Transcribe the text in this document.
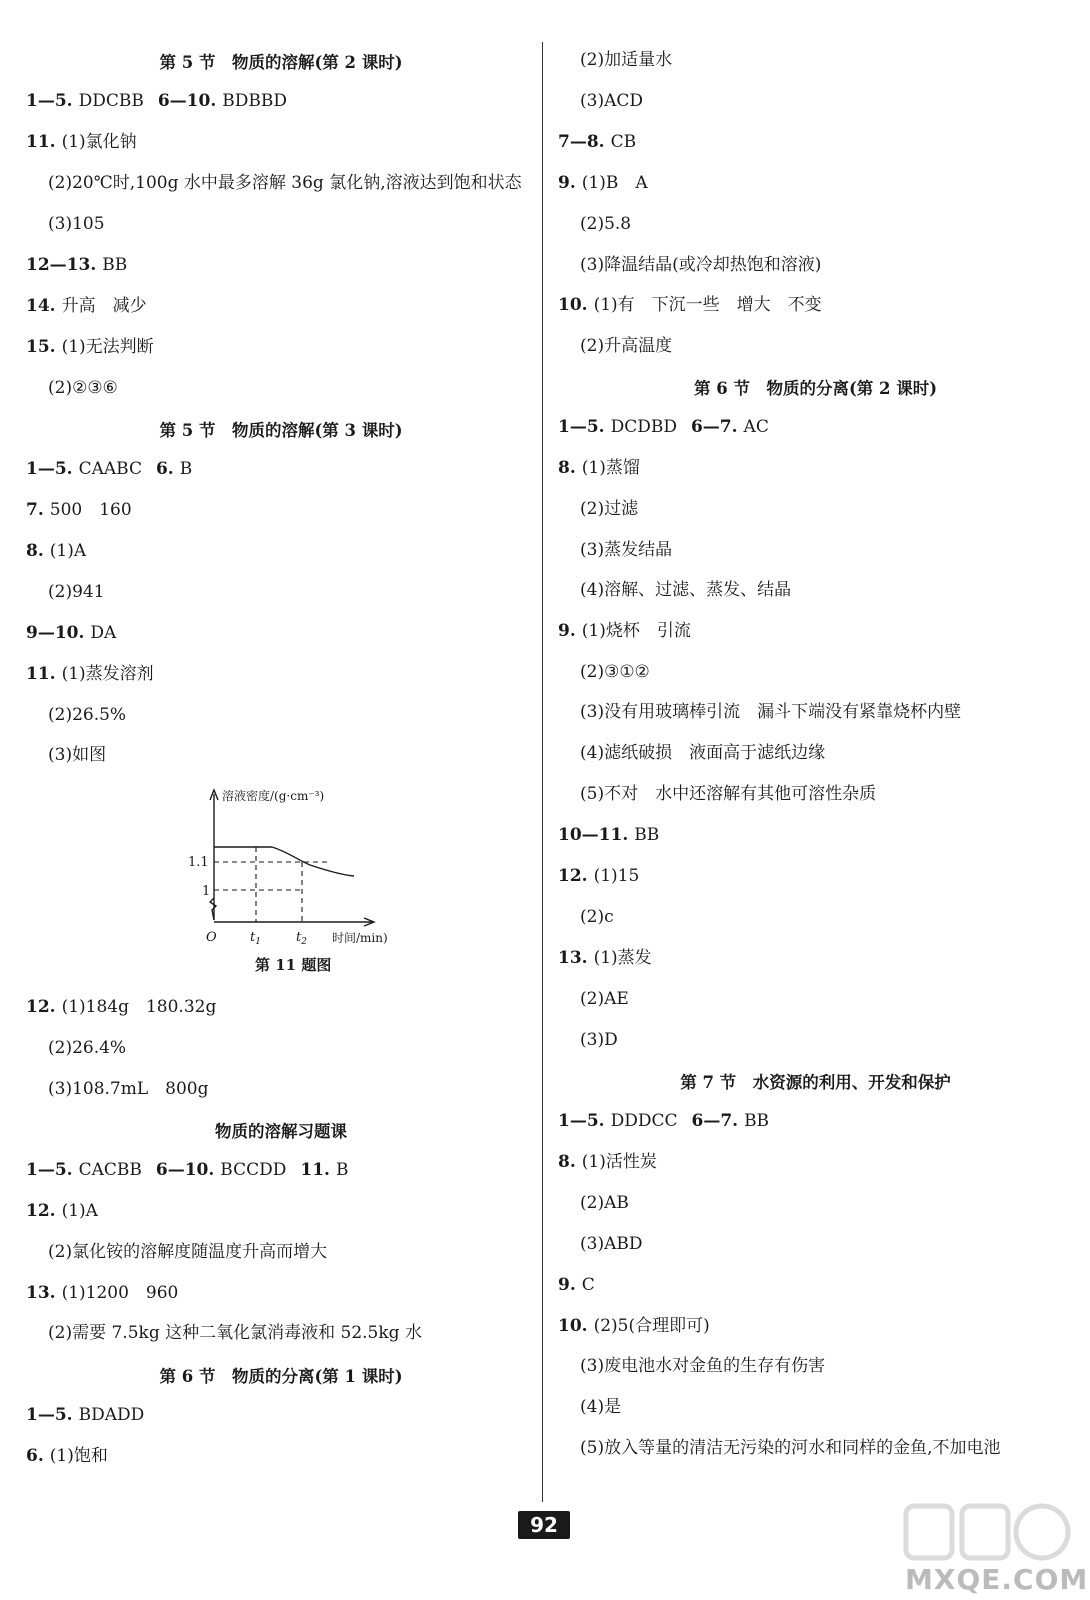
第 5 节　物质的溶解(第 2 课时)
1—5. DDCBB 6—10. BDBBD
11. (1)氯化钠
(2)20℃时,100g 水中最多溶解 36g 氯化钠,溶液达到饱和状态
(3)105
12—13. BB
14. 升高　减少
15. (1)无法判断
(2)②③⑥
第 5 节　物质的溶解(第 3 课时)
1—5. CAABC 6. B
7. 500　160
8. (1)A
(2)941
9—10. DA
11. (1)蒸发溶剂
(2)26.5%
(3)如图
12. (1)184g　180.32g
(2)26.4%
(3)108.7mL　800g
物质的溶解习题课
1—5. CACBB 6—10. BCCDD 11. B
12. (1)A
(2)氯化铵的溶解度随温度升高而增大
13. (1)1200　960
(2)需要 7.5kg 这种二氧化氯消毒液和 52.5kg 水
第 6 节　物质的分离(第 1 课时)
1—5. BDADD
6. (1)饱和
(2)加适量水
(3)ACD
7—8. CB
9. (1)B　A
(2)5.8
(3)降温结晶(或冷却热饱和溶液)
10. (1)有　下沉一些　增大　不变
(2)升高温度
第 6 节　物质的分离(第 2 课时)
1—5. DCDBD 6—7. AC
8. (1)蒸馏
(2)过滤
(3)蒸发结晶
(4)溶解、过滤、蒸发、结晶
9. (1)烧杯　引流
(2)③①②
(3)没有用玻璃棒引流　漏斗下端没有紧靠烧杯内壁
(4)滤纸破损　液面高于滤纸边缘
(5)不对　水中还溶解有其他可溶性杂质
10—11. BB
12. (1)15
(2)c
13. (1)蒸发
(2)AE
(3)D
第 7 节　水资源的利用、开发和保护
1—5. DDDCC 6—7. BB
8. (1)活性炭
(2)AB
(3)ABD
9. C
10. (2)5(合理即可)
(3)废电池水对金鱼的生存有伤害
(4)是
(5)放入等量的清洁无污染的河水和同样的金鱼,不加电池
溶液密度/(g·cm⁻³)
1.1
1
O	$t_1$	$t_2$ 时间/min)
第 11 题图
92
MXQE.COM
